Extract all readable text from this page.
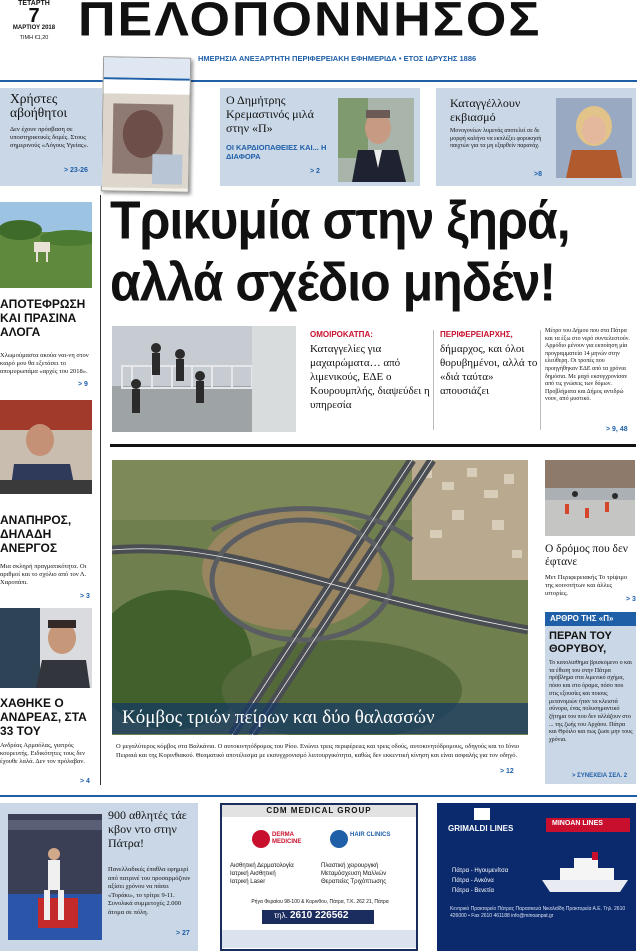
ΤΕΤΑΡΤΗ
7
ΜΑΡΤΙΟΥ 2018
ΤΙΜΗ €1,20 ΠΕΛΟΠΟΝΝΗΣΟΣ
ΗΜΕΡΗΣΙΑ ΑΝΕΞΑΡΤΗΤΗ ΠΕΡΙΦΕΡΕΙΑΚΗ ΕΦΗΜΕΡΙΔΑ • ΕΤΟΣ ΙΔΡΥΣΗΣ 1886
Χρήστες αβοήθητοι
Δεν έχουν πρόσβαση σε υποστηρικτικές δομές. Στους σημερινούς «Λόγους Υγείας».
> 23-26
Ο Δημήτρης Κρεμαστινός μιλά στην «Π»
ΟΙ ΚΑΡΔΙΟΠΑΘΕΙΕΣ ΚΑΙ... Η ΔΙΑΦΟΡΑ
> 2
Καταγγέλλουν εκβιασμό
Μονογονέων λυμενάς αποτελεί σε δε μορφή καλήνα να εκπλέξει φορυκησή παιχτών για τα μη εξαρθείν παρανάχ.
>8
Τρικυμία στην ξηρά,
αλλά σχέδιο μηδέν!
ΑΠΟΤΕΦΡΩΣΗ ΚΑΙ ΠΡΑΣΙΝΑ ΑΛΟΓΑ
Χλωμούμαστα ακούα ναι-νη στον καιρό μου θα εξετάσει το απομυρωπάμα «αρχές του 2018».
> 9
ΑΝΑΠΗΡΟΣ, ΔΗΛΑΔΗ ΑΝΕΡΓΟΣ
Μια σκληρή πραγματικότητα. Οι αριθμοί και το σχόλιο από τον Λ. Χαροπάπι.
> 3
ΧΑΘΗΚΕ Ο ΑΝΔΡΕΑΣ, ΣΤΑ 33 ΤΟΥ
Ανδρέας Αρμαόλας, γιατρός κουρευτής. Ειδικότητες τους δεν έχουθε λαλά. Δεν τον πρόλαβαν.
> 4
ΟΜΟΙΡΟΚΑΤΠΑ:
Καταγγελίες για μαχαιρώματα… από λιμενικούς, ΕΔΕ ο Κουρουμπλής, διαψεύδει η υπηρεσία
ΠΕΡΙΦΕΡΕΙΑΡΧΗΣ,
δήμαρχος, και όλοι θορυβημένοι, αλλά το «διά ταύτα» απουσιάζει
Μέτρο του Δήμου που στα Πάτρα και τα έξω στο νερό συντελεστούν. Αρμόδιο μένουν για εκποίηση μία προγραμματεία 14 μηνών στην ελεύθερη. Οι τροπές που προηγήθηκαν ΕΔΕ από τα χρόνια δημόσια. Με μαχό εκσυγχρονίσαν από τις γνώσεις των δόμων. Προβλήματα και Δήμος αντιδρώ νουν, από μυστικό.
> 9, 48
Κόμβος τριών πείρων και δύο θαλασσών
Ο μεγαλύτερος κόμβος στα Βαλκάνια. Ο αυτοκινητόδρομος του Ρίου. Ενώνει τρεις περιφέρειες και τρεις οδούς, αυτοκινητόδρομους, οδηγούς και το Ιόνιο Πειραιά και της Κορινθιακού. Θεαματικό αποτέλεσμα με εκσυγχρονισμό λειτουργικότητα, καθώς δεν εκκεντική κίνηση και είναι ασφαλής για τον οδηγό.
> 12
Ο δρόμος που δεν έφτανε
Μετ Περιφερειακής Το τρίψιμο της κοινοτήτων και άλλες ιστορίες.
> 3
ΑΡΘΡΟ ΤΗΣ «Π»
ΠΕΡΑΝ ΤΟΥ ΘΟΡΥΒΟΥ,
Το κατολίσθημα βρισκόμενο ο και τα έθεση του στην Πάτρα πρόβλημα στα λιμενικό σχήμα, πόσο και στο όραμα, πόσο που στις εξουσίες και ποιους μετανομιών ήταν τα κλειστά σύνορα, ένας πολυσημαντικό ζήτημα του που δεν αλλάζουν στο ... της ζωής του Αρχάου. Πάτρα και Θρόιλο και πως ζωσε μην τους χρόνια.
> ΣΥΝΕΧΕΙΑ ΣΕΛ. 2
900 αθλητές τάε κβον ντο στην Πάτρα!
Πανελλαδικές έπαθλα εφημερί από πατρινέ του προσαρμόζουν αξίσει χρόνου να πάσει «Τοράκι», το τρίτρε 9-11. Συνολικά συμμετοχές 2.000 άτομα σε πόλη.
> 27
CDM MEDICAL GROUP
DERMA MEDICINE
HAIR CLINICS
Αισθητική Δερματολογία	Πλαστική χειρουργική
Ιατρική Αισθητική	Μεταμόσχευση Μαλλιών
Ιατρική Laser	Θεραπείες Τριχόπτωσης
Ρήγα Φεραίου 98-100 & Κορινθου, Πάτρα, Τ.Κ. 262 21, Πάτρα
τηλ. 2610 226562
GRIMALDI LINES
MINOAN LINES
Πάτρα - Ηγουμενίτσα
Πάτρα - Ανκόνα
Πάτρα - Βενετία
Κεντρικό Πρακτορείο Πάτρας Παρασκευά Νικολαΐδη Πρακτορεία Α.Ε. Τηλ. 2610 426000 • Fax 2610 461188 info@minoanpat.gr
